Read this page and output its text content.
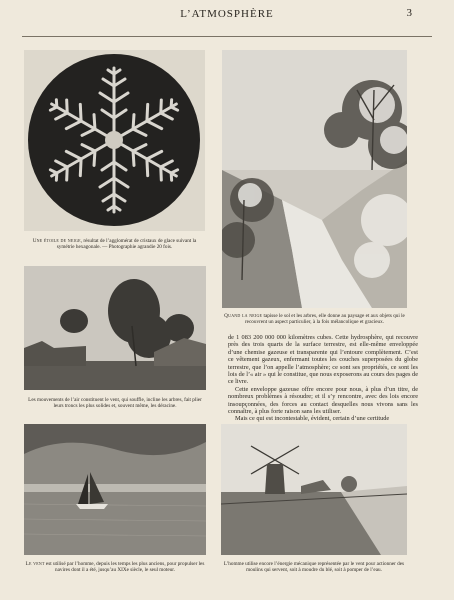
L’ATMOSPHÈRE	3
Une étoile de neige, résultat de l’agglomérat de cristaux de glace suivant la symétrie hexagonale. — Photographie agrandie 20 fois.
Quand la neige tapisse le sol et les arbres, elle donne au paysage et aux objets qui le recouvrent un aspect particulier, à la fois mélancolique et gracieux.
Les mouvements de l’air constituent le vent, qui souffle, incline les arbres, fait plier leurs troncs les plus solides et, souvent même, les déracine.
Le vent est utilisé par l’homme, depuis les temps les plus anciens, pour propulser les navires dont il a été, jusqu’au XIXe siècle, le seul moteur.
L’homme utilise encore l’énergie mécanique représentée par le vent pour actionner des moulins qui servent, soit à moudre du blé, soit à pomper de l’eau.

de 1 083 200 000 000 kilomètres cubes. Cette hydrosphère, qui recouvre près des trois quarts de la surface terrestre, est elle-même enveloppée d’une chemise gazeuse et transparente qui l’entoure complètement. C’est ce vêtement gazeux, enfermant toutes les couches superposées du globe terrestre, que l’on appelle l’atmosphère; ce sont ses propriétés, ce sont les lois de l’« air » qui le constitue, que nous exposerons au cours des pages de ce livre.

Cette enveloppe gazeuse offre encore pour nous, à plus d’un titre, de nombreux problèmes à résoudre; et il s’y rencontre, avec des lois encore insoupçonnées, des forces au contact desquelles nous vivons sans les connaître, à plus forte raison sans les utiliser.

Mais ce qui est incontestable, évident, certain d’une certitude
